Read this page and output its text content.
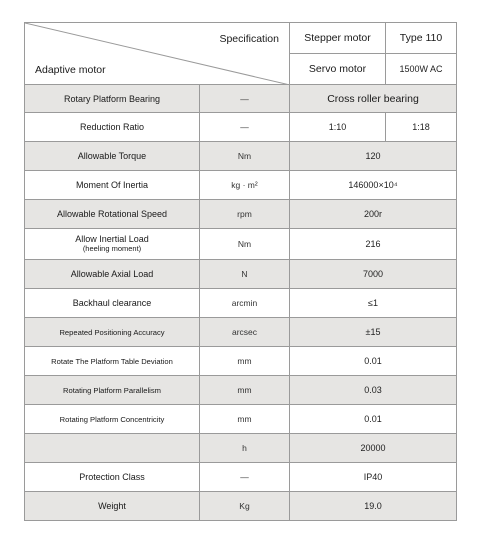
Specification
Adaptive motor		Stepper motor	Type 110
		Servo motor	1500W AC
Rotary Platform Bearing	—	Cross roller bearing	
Reduction Ratio	—	1:10	1:18
Allowable Torque	Nm	120	
Moment Of Inertia	kg · m²	146000×10⁴	
Allowable Rotational Speed	rpm	200r	
Allow Inertial Load
(heeling moment)	Nm	216	
Allowable Axial Load	N	7000	
Backhaul clearance	arcmin	≤1	
Repeated Positioning Accuracy	arcsec	±15	
Rotate The Platform Table Deviation	mm	0.01	
Rotating Platform Parallelism	mm	0.03	
Rotating Platform Concentricity	mm	0.01	
	h	20000	
Protection Class	—	IP40	
Weight	Kg	19.0	
